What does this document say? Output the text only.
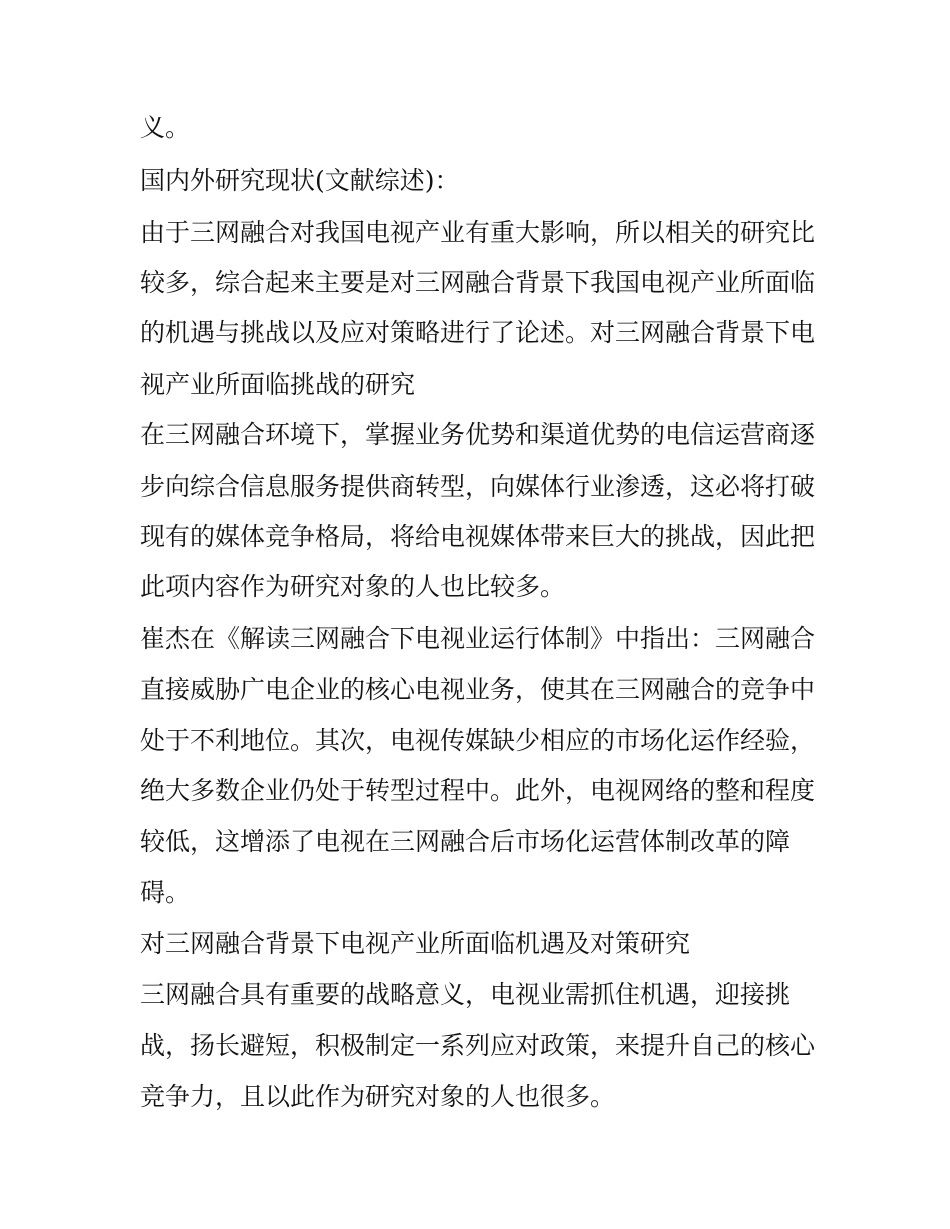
义。

国内外研究现状(文献综述)：

由于三网融合对我国电视产业有重大影响，所以相关的研究比

较多，综合起来主要是对三网融合背景下我国电视产业所面临

的机遇与挑战以及应对策略进行了论述。对三网融合背景下电

视产业所面临挑战的研究

在三网融合环境下，掌握业务优势和渠道优势的电信运营商逐

步向综合信息服务提供商转型，向媒体行业渗透，这必将打破

现有的媒体竞争格局，将给电视媒体带来巨大的挑战，因此把

此项内容作为研究对象的人也比较多。

崔杰在《解读三网融合下电视业运行体制》中指出：三网融合

直接威胁广电企业的核心电视业务，使其在三网融合的竞争中

处于不利地位。其次，电视传媒缺少相应的市场化运作经验，

绝大多数企业仍处于转型过程中。此外，电视网络的整和程度

较低，这增添了电视在三网融合后市场化运营体制改革的障

碍。

对三网融合背景下电视产业所面临机遇及对策研究

三网融合具有重要的战略意义，电视业需抓住机遇，迎接挑

战，扬长避短，积极制定一系列应对政策，来提升自己的核心

竞争力，且以此作为研究对象的人也很多。
